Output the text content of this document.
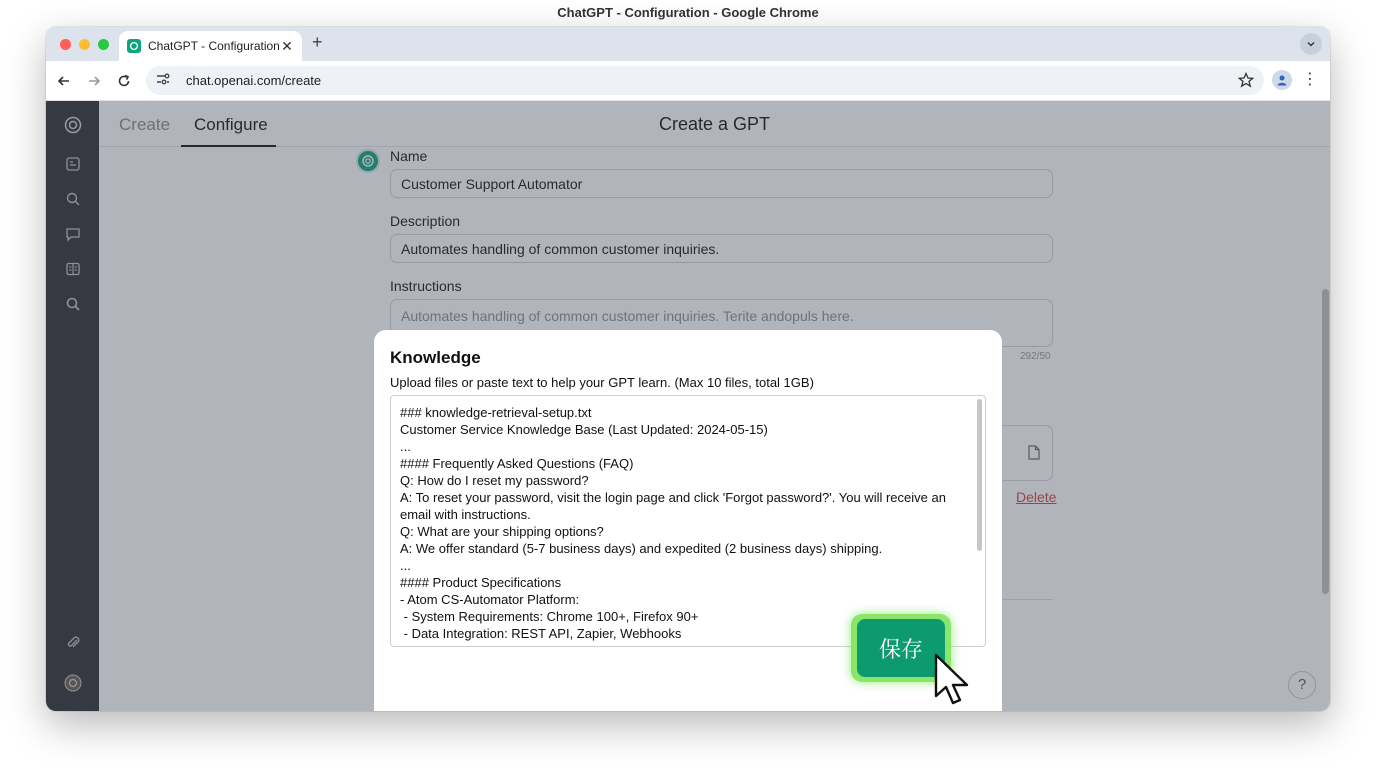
ChatGPT - Configuration - Google Chrome
ChatGPT - Configuration ✕ +
chat.openai.com/create	⋮
Create a GPT
Create Configure
Name
Customer Support Automator
Description
Automates handling of common customer inquiries.
Instructions
Automates handling of common customer inquiries. Terite andopuls here.
292/50
Delete
?
Knowledge
Upload files or paste text to help your GPT learn. (Max 10 files, total 1GB)
### knowledge-retrieval-setup.txt
Customer Service Knowledge Base (Last Updated: 2024-05-15)
...
#### Frequently Asked Questions (FAQ)
Q: How do I reset my password?
A: To reset your password, visit the login page and click 'Forgot password?'. You will receive an email with instructions.
Q: What are your shipping options?
A: We offer standard (5-7 business days) and expedited (2 business days) shipping.
...
#### Product Specifications
- Atom CS-Automator Platform:
- System Requirements: Chrome 100+, Firefox 90+
- Data Integration: REST API, Zapier, Webhooks
保存
